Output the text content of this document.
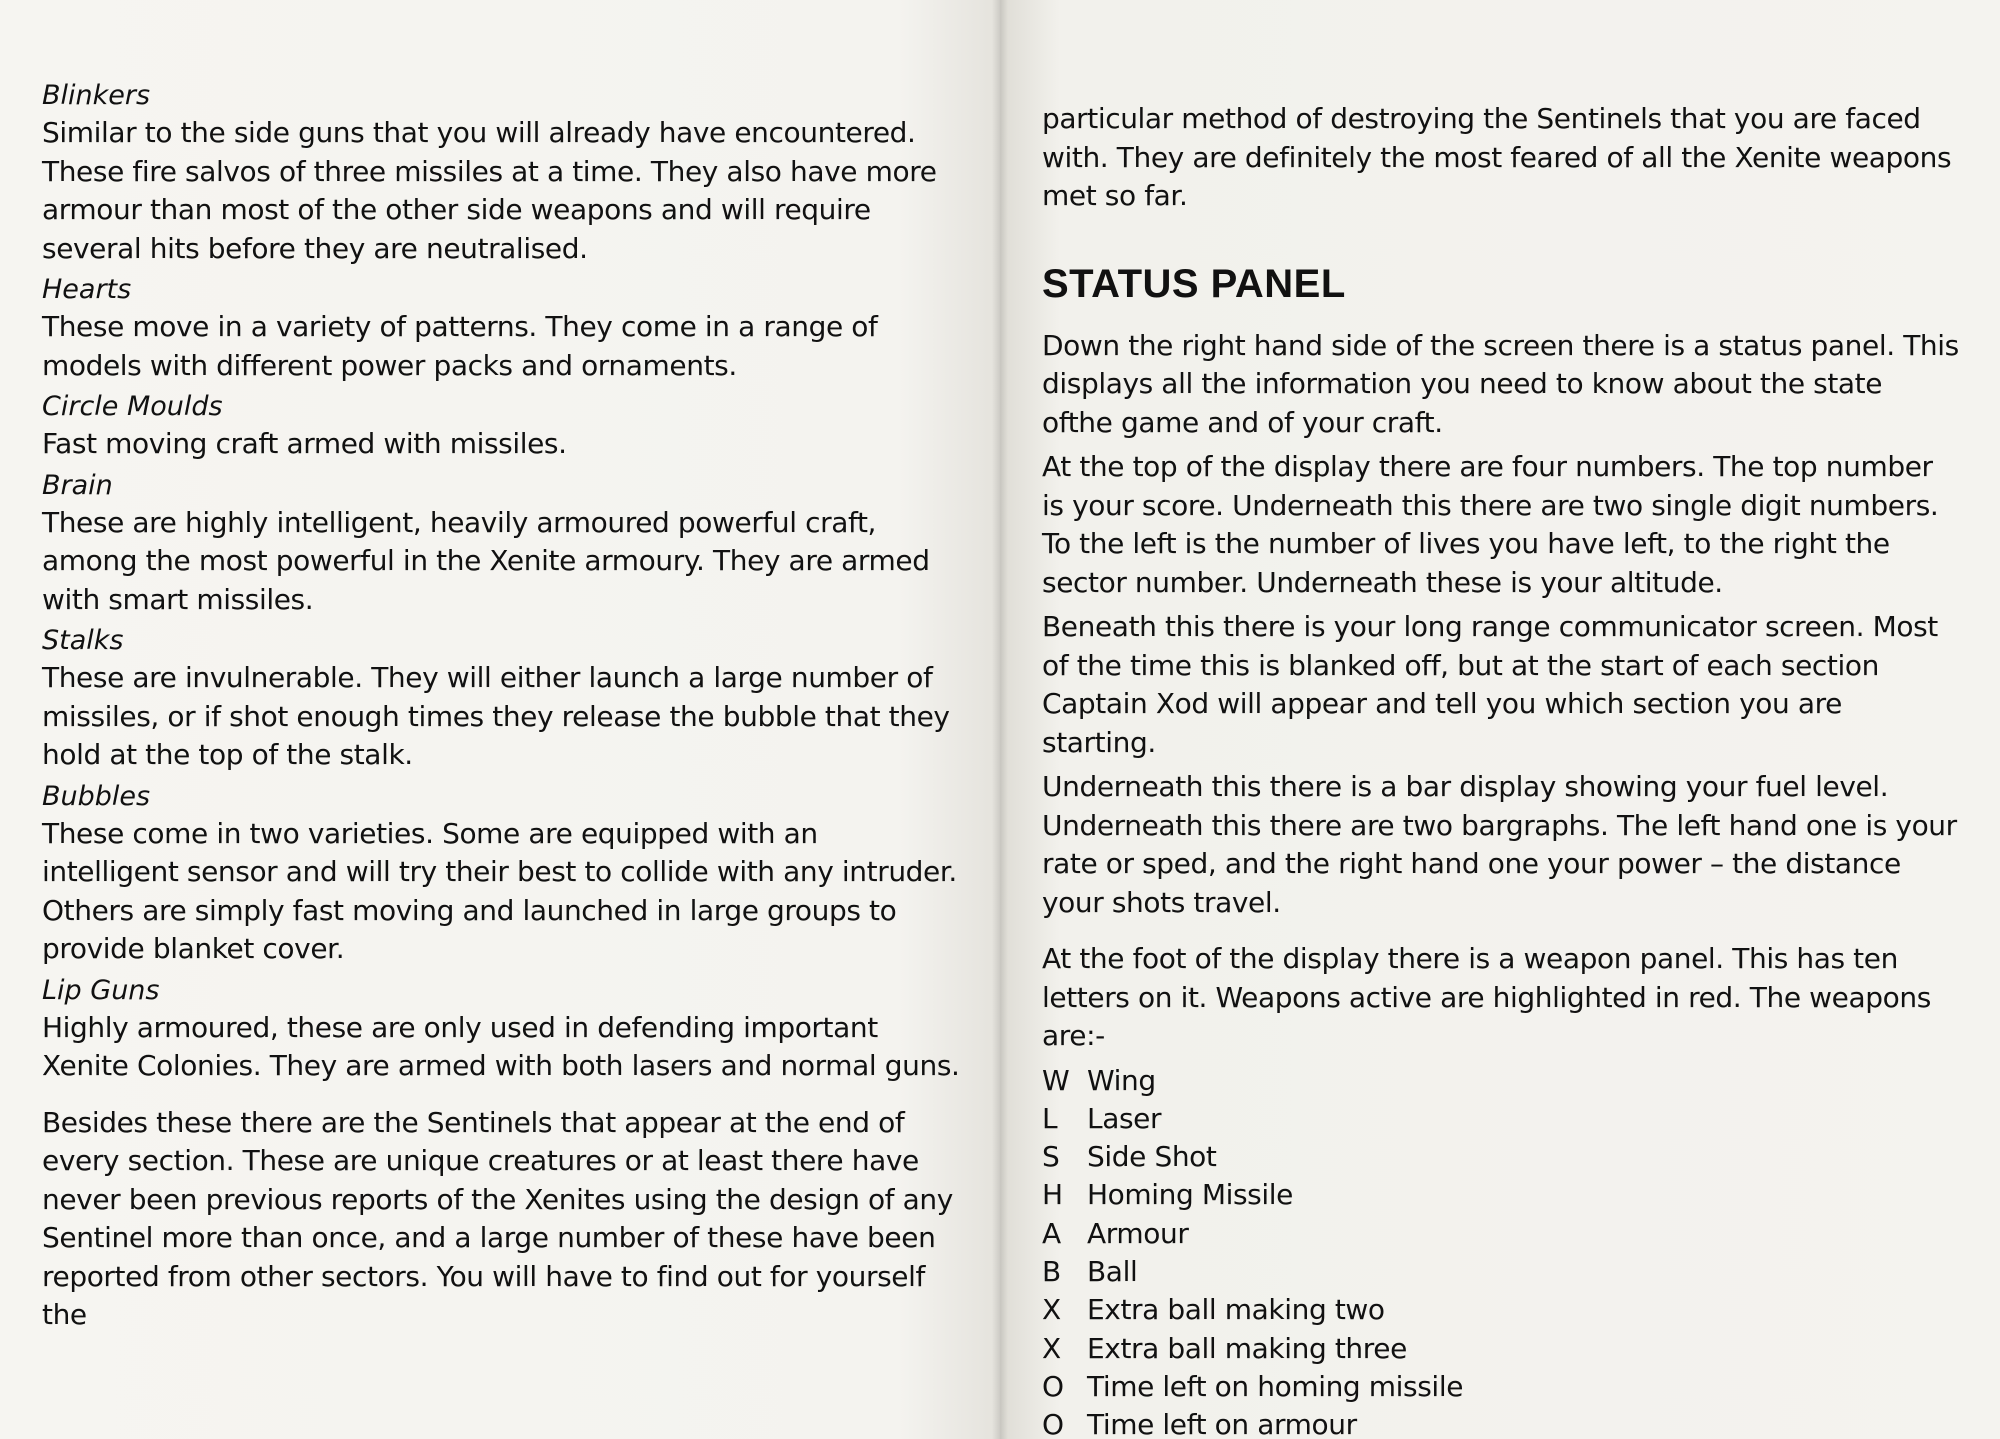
Blinkers

Similar to the side guns that you will already have encountered. These fire salvos of three missiles at a time. They also have more armour than most of the other side weapons and will require several hits before they are neutralised.

Hearts

These move in a variety of patterns. They come in a range of models with different power packs and ornaments.

Circle Moulds

Fast moving craft armed with missiles.

Brain

These are highly intelligent, heavily armoured powerful craft, among the most powerful in the Xenite armoury. They are armed with smart missiles.

Stalks

These are invulnerable. They will either launch a large number of missiles, or if shot enough times they release the bubble that they hold at the top of the stalk.

Bubbles

These come in two varieties. Some are equipped with an intelligent sensor and will try their best to collide with any intruder. Others are simply fast moving and launched in large groups to provide blanket cover.

Lip Guns

Highly armoured, these are only used in defending important Xenite Colonies. They are armed with both lasers and normal guns.

Besides these there are the Sentinels that appear at the end of every section. These are unique creatures or at least there have never been previous reports of the Xenites using the design of any Sentinel more than once, and a large number of these have been reported from other sectors. You will have to find out for yourself the

particular method of destroying the Sentinels that you are faced with. They are definitely the most feared of all the Xenite weapons met so far.

STATUS PANEL

Down the right hand side of the screen there is a status panel. This displays all the information you need to know about the state ofthe game and of your craft.

At the top of the display there are four numbers. The top number is your score. Underneath this there are two single digit numbers. To the left is the number of lives you have left, to the right the sector number. Underneath these is your altitude.

Beneath this there is your long range communicator screen. Most of the time this is blanked off, but at the start of each section Captain Xod will appear and tell you which section you are starting.

Underneath this there is a bar display showing your fuel level. Underneath this there are two bargraphs. The left hand one is your rate or sped, and the right hand one your power – the distance your shots travel.

At the foot of the display there is a weapon panel. This has ten letters on it. Weapons active are highlighted in red. The weapons are:-

W Wing
L	Laser
S Side Shot
H Homing Missile
A Armour
B Ball
X Extra ball making two
X Extra ball making three
O Time left on homing missile
O Time left on armour
